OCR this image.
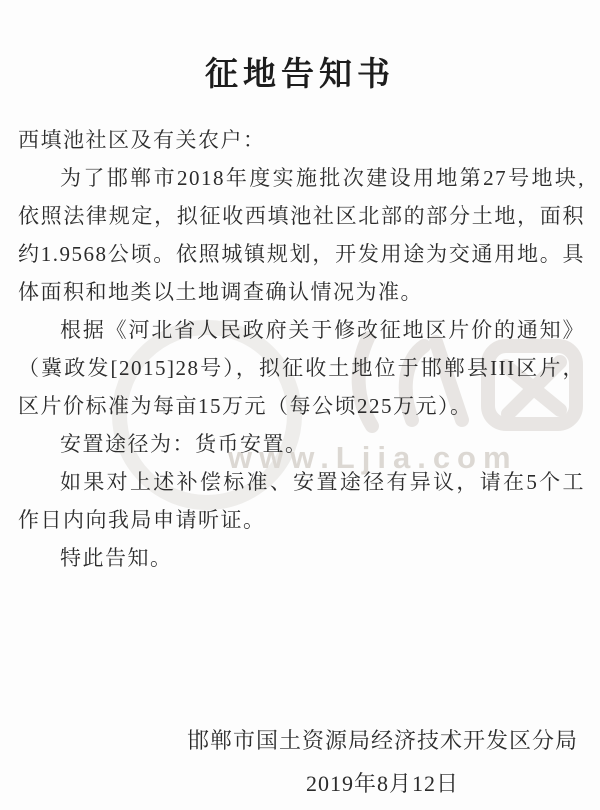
www.Ljia.com
征地告知书

西填池社区及有关农户：

为了邯郸市2018年度实施批次建设用地第27号地块,依照法律规定，拟征收西填池社区北部的部分土地，面积约1.9568公顷。依照城镇规划，开发用途为交通用地。具体面积和地类以土地调查确认情况为准。

根据《河北省人民政府关于修改征地区片价的通知》（冀政发[2015]28号），拟征收土地位于邯郸县III区片，区片价标准为每亩15万元（每公顷225万元）。

安置途径为：货币安置。

如果对上述补偿标准、安置途径有异议，请在5个工作日内向我局申请听证。

特此告知。

邯郸市国土资源局经济技术开发区分局
2019年8月12日
